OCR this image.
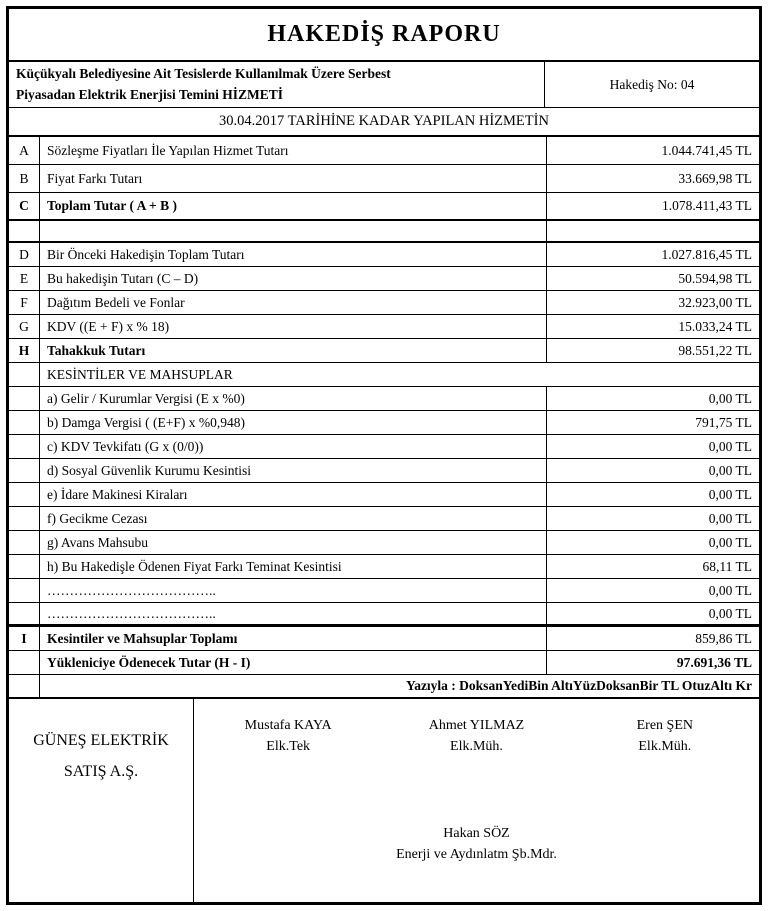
HAKEDİŞ RAPORU
Küçükyalı Belediyesine Ait Tesislerde Kullanılmak Üzere Serbest
Piyasadan Elektrik Enerjisi Temini HİZMETİ
Hakediş No: 04
30.04.2017 TARİHİNE KADAR YAPILAN HİZMETİN
A	Sözleşme Fiyatları İle Yapılan Hizmet Tutarı	1.044.741,45 TL
B	Fiyat Farkı Tutarı	33.669,98 TL
C	Toplam Tutar ( A + B )	1.078.411,43 TL
D	Bir Önceki Hakedişin Toplam Tutarı	1.027.816,45 TL
E	Bu hakedişin Tutarı (C – D)	50.594,98 TL
F	Dağıtım Bedeli ve Fonlar	32.923,00 TL
G	KDV ((E + F) x % 18)	15.033,24 TL
H	Tahakkuk Tutarı	98.551,22 TL
KESİNTİLER VE MAHSUPLAR
a) Gelir / Kurumlar Vergisi (E x %0)	0,00 TL
b) Damga Vergisi ( (E+F) x %0,948)	791,75 TL
c) KDV Tevkifatı (G x (0/0))	0,00 TL
d) Sosyal Güvenlik Kurumu Kesintisi	0,00 TL
e) İdare Makinesi Kiraları	0,00 TL
f) Gecikme Cezası	0,00 TL
g) Avans Mahsubu	0,00 TL
h) Bu Hakedişle Ödenen Fiyat Farkı Teminat Kesintisi	68,11 TL
………………………………..	0,00 TL
………………………………..	0,00 TL
I	Kesintiler ve Mahsuplar Toplamı	859,86 TL
Yükleniciye Ödenecek Tutar (H - I)	97.691,36 TL
Yazıyla : DoksanYediBin AltıYüzDoksanBir TL OtuzAltı Kr
GÜNEŞ ELEKTRİK
SATIŞ A.Ş.
Mustafa KAYA
Elk.Tek
Ahmet YILMAZ
Elk.Müh.
Eren ŞEN
Elk.Müh.
Hakan SÖZ
Enerji ve Aydınlatm Şb.Mdr.
